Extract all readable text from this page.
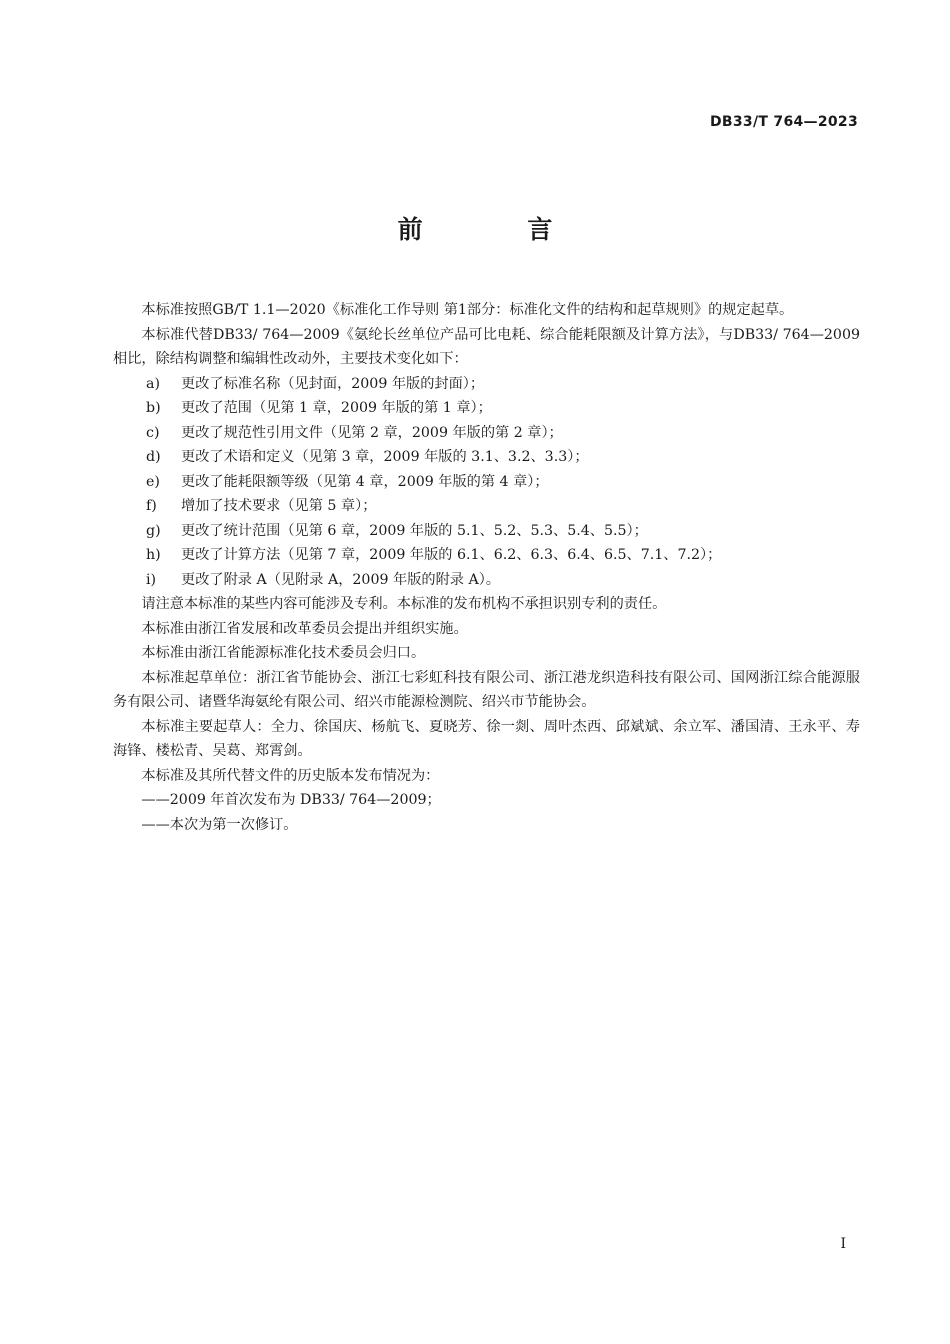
DB33/T 764—2023
前 言

本标准按照GB/T 1.1—2020《标准化工作导则 第1部分：标准化文件的结构和起草规则》的规定起草。

本标准代替DB33/ 764—2009《氨纶长丝单位产品可比电耗、综合能耗限额及计算方法》，与DB33/ 764—2009相比，除结构调整和编辑性改动外，主要技术变化如下：

a) 更改了标准名称（见封面，2009 年版的封面）；
b) 更改了范围（见第 1 章，2009 年版的第 1 章）；
c) 更改了规范性引用文件（见第 2 章，2009 年版的第 2 章）；
d) 更改了术语和定义（见第 3 章，2009 年版的 3.1、3.2、3.3）；
e) 更改了能耗限额等级（见第 4 章，2009 年版的第 4 章）；
f) 增加了技术要求（见第 5 章）；
g) 更改了统计范围（见第 6 章，2009 年版的 5.1、5.2、5.3、5.4、5.5）；
h) 更改了计算方法（见第 7 章，2009 年版的 6.1、6.2、6.3、6.4、6.5、7.1、7.2）；
i) 更改了附录 A（见附录 A，2009 年版的附录 A）。

请注意本标准的某些内容可能涉及专利。本标准的发布机构不承担识别专利的责任。

本标准由浙江省发展和改革委员会提出并组织实施。

本标准由浙江省能源标准化技术委员会归口。

本标准起草单位：浙江省节能协会、浙江七彩虹科技有限公司、浙江港龙织造科技有限公司、国网浙江综合能源服务有限公司、诸暨华海氨纶有限公司、绍兴市能源检测院、绍兴市节能协会。

本标准主要起草人：全力、徐国庆、杨航飞、夏晓芳、徐一剡、周叶杰西、邱斌斌、余立军、潘国清、王永平、寿海锋、楼松青、吴葛、郑霄剑。

本标准及其所代替文件的历史版本发布情况为：

——2009 年首次发布为 DB33/ 764—2009；
——本次为第一次修订。
I
